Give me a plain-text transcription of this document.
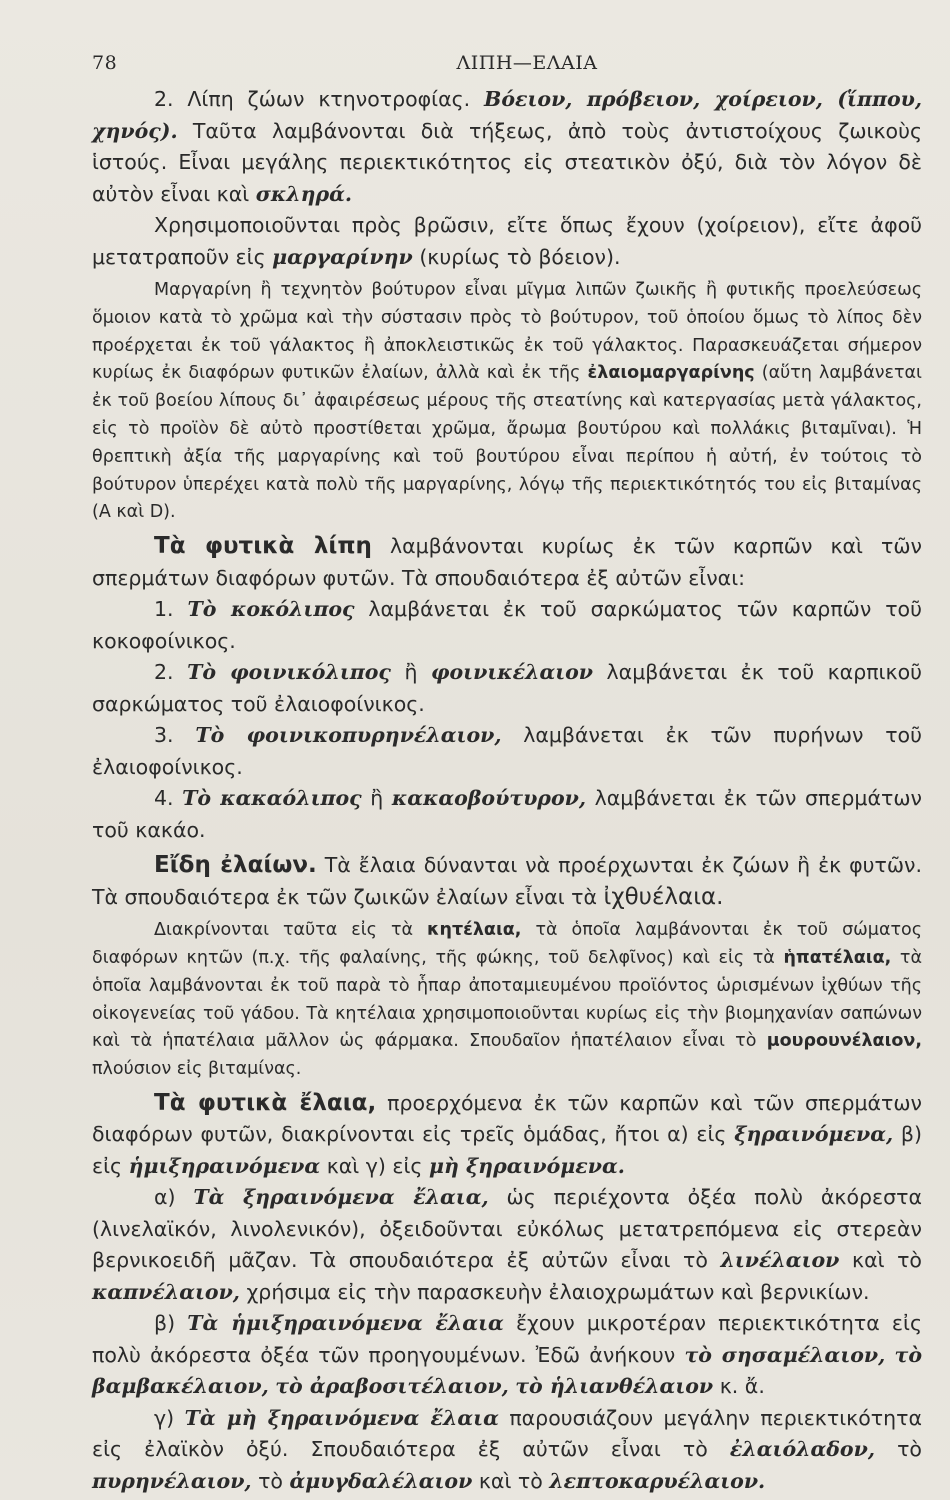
78	ΛΙΠΗ—ΕΛΑΙΑ

2. Λίπη ζώων κτηνοτροφίας. Βόειον, πρόβειον, χοίρειον, (ἵππου, χηνός). Ταῦτα λαμβάνονται διὰ τήξεως, ἀπὸ τοὺς ἀντιστοίχους ζωικοὺς ἱστούς. Εἶναι μεγάλης περιεκτικότητος εἰς στεατικὸν ὀξύ, διὰ τὸν λόγον δὲ αὐτὸν εἶναι καὶ σκληρά.

Χρησιμοποιοῦνται πρὸς βρῶσιν, εἴτε ὅπως ἔχουν (χοίρειον), εἴτε ἀφοῦ μετατραποῦν εἰς μαργαρίνην (κυρίως τὸ βόειον).

Μαργαρίνη ἢ τεχνητὸν βούτυρον εἶναι μῖγμα λιπῶν ζωικῆς ἢ φυτικῆς προελεύσεως ὅμοιον κατὰ τὸ χρῶμα καὶ τὴν σύστασιν πρὸς τὸ βούτυρον, τοῦ ὁποίου ὅμως τὸ λίπος δὲν προέρχεται ἐκ τοῦ γάλακτος ἢ ἀποκλειστικῶς ἐκ τοῦ γάλακτος. Παρασκευάζεται σήμερον κυρίως ἐκ διαφόρων φυτικῶν ἐλαίων, ἀλλὰ καὶ ἐκ τῆς ἐλαιομαργαρίνης (αὕτη λαμβάνεται ἐκ τοῦ βοείου λίπους δι᾽ ἀφαιρέσεως μέρους τῆς στεατίνης καὶ κατεργασίας μετὰ γάλακτος, εἰς τὸ προϊὸν δὲ αὐτὸ προστίθεται χρῶμα, ἄρωμα βουτύρου καὶ πολλάκις βιταμῖναι). Ἡ θρεπτικὴ ἀξία τῆς μαργαρίνης καὶ τοῦ βουτύρου εἶναι περίπου ἡ αὐτή, ἐν τούτοις τὸ βούτυρον ὑπερέχει κατὰ πολὺ τῆς μαργαρίνης, λόγῳ τῆς περιεκτικότητός του εἰς βιταμίνας (A καὶ D).

Τὰ φυτικὰ λίπη λαμβάνονται κυρίως ἐκ τῶν καρπῶν καὶ τῶν σπερμάτων διαφόρων φυτῶν. Τὰ σπουδαιότερα ἐξ αὐτῶν εἶναι:

1. Τὸ κοκόλιπος λαμβάνεται ἐκ τοῦ σαρκώματος τῶν καρπῶν τοῦ κοκοφοίνικος.

2. Τὸ φοινικόλιπος ἢ φοινικέλαιον λαμβάνεται ἐκ τοῦ καρπικοῦ σαρκώματος τοῦ ἐλαιοφοίνικος.

3. Τὸ φοινικοπυρηνέλαιον, λαμβάνεται ἐκ τῶν πυρήνων τοῦ ἐλαιοφοίνικος.

4. Τὸ κακαόλιπος ἢ κακαοβούτυρον, λαμβάνεται ἐκ τῶν σπερμάτων τοῦ κακάο.

Εἴδη ἐλαίων. Τὰ ἔλαια δύνανται νὰ προέρχωνται ἐκ ζώων ἢ ἐκ φυτῶν. Τὰ σπουδαιότερα ἐκ τῶν ζωικῶν ἐλαίων εἶναι τὰ ἰχθυέλαια.

Διακρίνονται ταῦτα εἰς τὰ κητέλαια, τὰ ὁποῖα λαμβάνονται ἐκ τοῦ σώματος διαφόρων κητῶν (π.χ. τῆς φαλαίνης, τῆς φώκης, τοῦ δελφῖνος) καὶ εἰς τὰ ἡπατέλαια, τὰ ὁποῖα λαμβάνονται ἐκ τοῦ παρὰ τὸ ἧπαρ ἀποταμιευμένου προϊόντος ὡρισμένων ἰχθύων τῆς οἰκογενείας τοῦ γάδου. Τὰ κητέλαια χρησιμοποιοῦνται κυρίως εἰς τὴν βιομηχανίαν σαπώνων καὶ τὰ ἡπατέλαια μᾶλλον ὡς φάρμακα. Σπουδαῖον ἡπατέλαιον εἶναι τὸ μουρουνέλαιον, πλούσιον εἰς βιταμίνας.

Τὰ φυτικὰ ἔλαια, προερχόμενα ἐκ τῶν καρπῶν καὶ τῶν σπερμάτων διαφόρων φυτῶν, διακρίνονται εἰς τρεῖς ὁμάδας, ἤτοι α) εἰς ξηραινόμενα, β) εἰς ἡμιξηραινόμενα καὶ γ) εἰς μὴ ξηραινόμενα.

α) Τὰ ξηραινόμενα ἔλαια, ὡς περιέχοντα ὀξέα πολὺ ἀκόρεστα (λινελαϊκόν, λινολενικόν), ὀξειδοῦνται εὐκόλως μετατρεπόμενα εἰς στερεὰν βερνικοειδῆ μᾶζαν. Τὰ σπουδαιότερα ἐξ αὐτῶν εἶναι τὸ λινέλαιον καὶ τὸ καπνέλαιον, χρήσιμα εἰς τὴν παρασκευὴν ἐλαιοχρωμάτων καὶ βερνικίων.

β) Τὰ ἡμιξηραινόμενα ἔλαια ἔχουν μικροτέραν περιεκτικότητα εἰς πολὺ ἀκόρεστα ὀξέα τῶν προηγουμένων. Ἐδῶ ἀνήκουν τὸ σησαμέλαιον, τὸ βαμβακέλαιον, τὸ ἀραβοσιτέλαιον, τὸ ἡλιανθέλαιον κ. ἄ.

γ) Τὰ μὴ ξηραινόμενα ἔλαια παρουσιάζουν μεγάλην περιεκτικότητα εἰς ἐλαϊκὸν ὀξύ. Σπουδαιότερα ἐξ αὐτῶν εἶναι τὸ ἐλαιόλαδον, τὸ πυρηνέλαιον, τὸ ἀμυγδαλέλαιον καὶ τὸ λεπτοκαρυέλαιον.
